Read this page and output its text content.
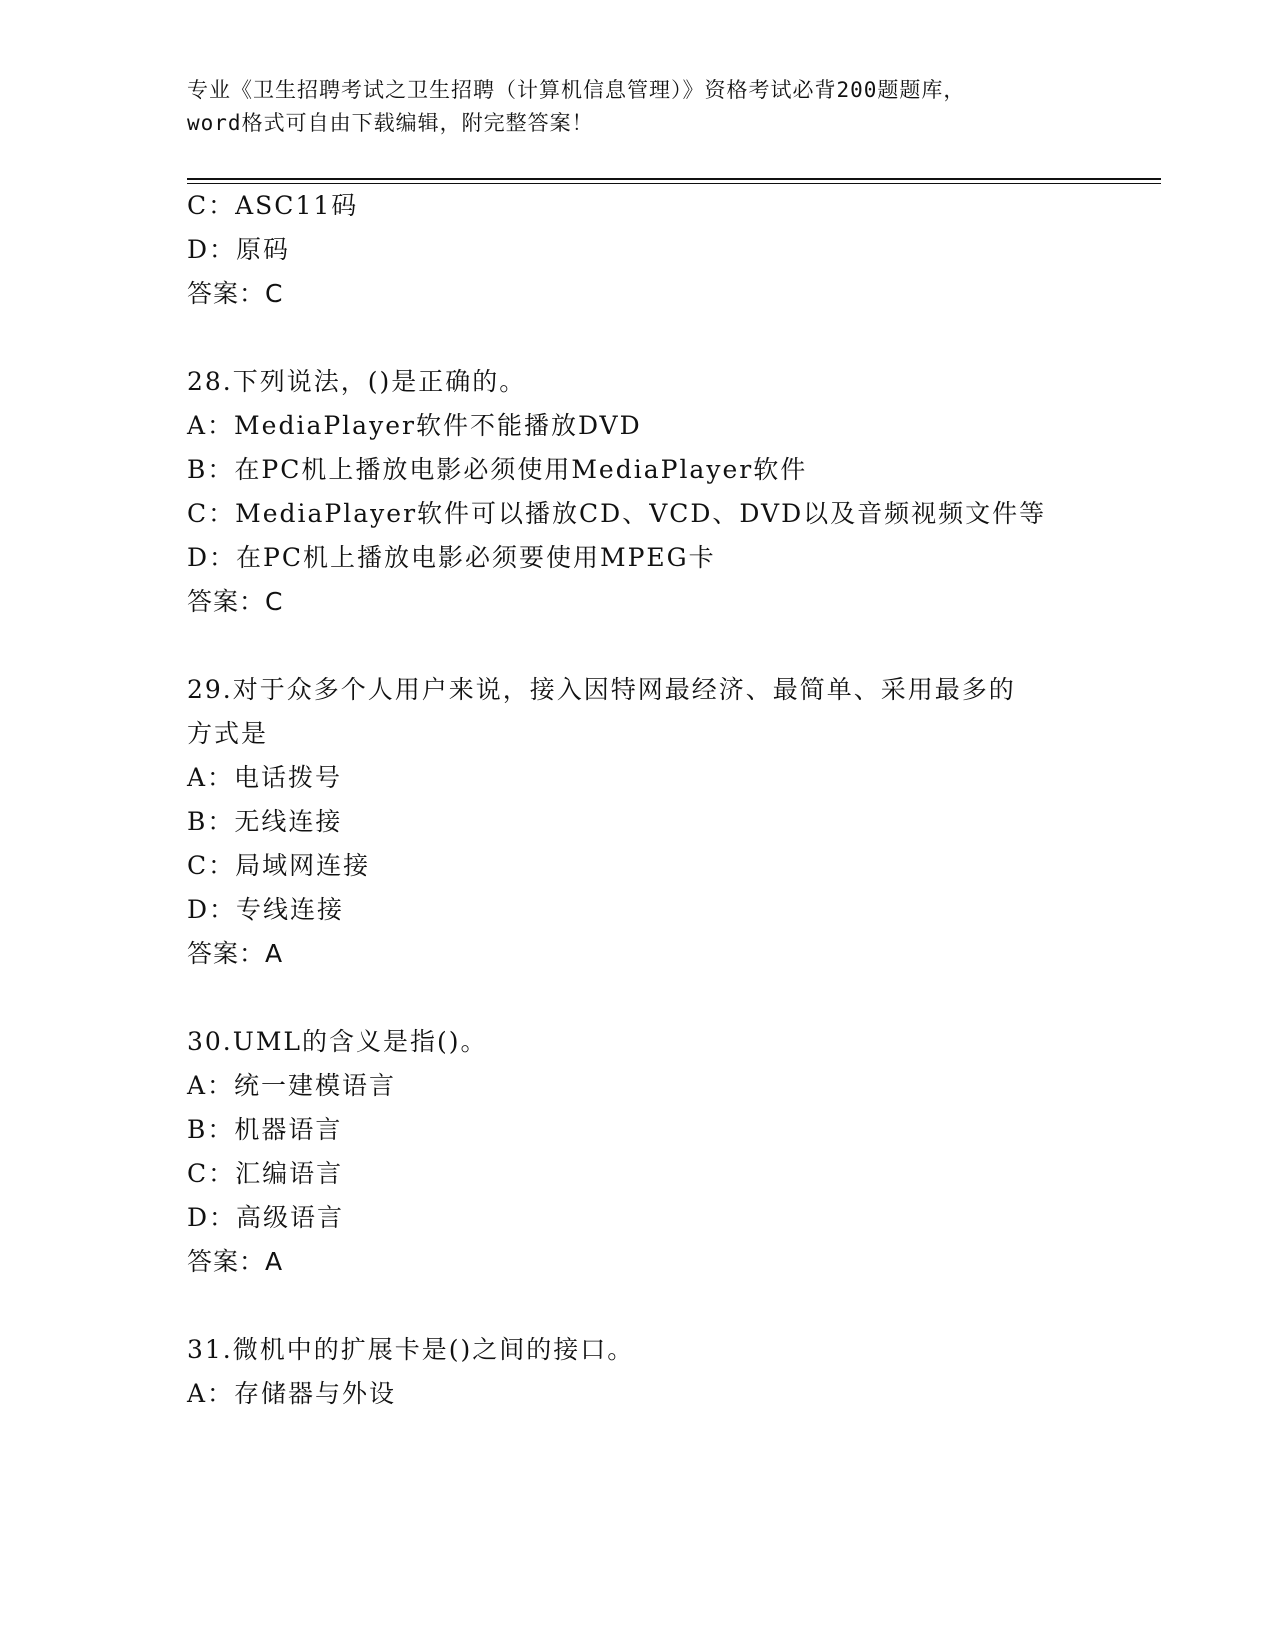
专业《卫生招聘考试之卫生招聘（计算机信息管理）》资格考试必背200题题库，
word格式可自由下载编辑，附完整答案！
C：ASC11码
D：原码
答案：C
28.下列说法，()是正确的。
A：MediaPlayer软件不能播放DVD
B：在PC机上播放电影必须使用MediaPlayer软件
C：MediaPlayer软件可以播放CD、VCD、DVD以及音频视频文件等
D：在PC机上播放电影必须要使用MPEG卡
答案：C
29.对于众多个人用户来说，接入因特网最经济、最简单、采用最多的
方式是
A：电话拨号
B：无线连接
C：局域网连接
D：专线连接
答案：A
30.UML的含义是指()。
A：统一建模语言
B：机器语言
C：汇编语言
D：高级语言
答案：A
31.微机中的扩展卡是()之间的接口。
A：存储器与外设
